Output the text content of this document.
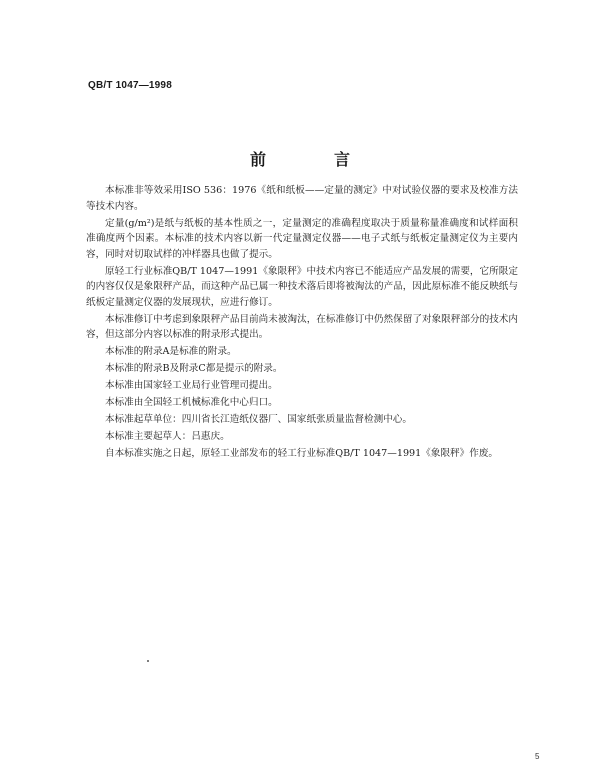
QB/T 1047—1998
前　言

本标准非等效采用ISO 536：1976《纸和纸板——定量的测定》中对试验仪器的要求及校准方法等技术内容。

定量(g/m²)是纸与纸板的基本性质之一，定量测定的准确程度取决于质量称量准确度和试样面积准确度两个因素。本标准的技术内容以新一代定量测定仪器——电子式纸与纸板定量测定仪为主要内容，同时对切取试样的冲样器具也做了提示。

原轻工行业标准QB/T 1047—1991《象限秤》中技术内容已不能适应产品发展的需要，它所限定的内容仅仅是象限秤产品，而这种产品已属一种技术落后即将被淘汰的产品，因此原标准不能反映纸与纸板定量测定仪器的发展现状，应进行修订。

本标准修订中考虑到象限秤产品目前尚未被淘汰，在标准修订中仍然保留了对象限秤部分的技术内容，但这部分内容以标准的附录形式提出。

本标准的附录A是标准的附录。

本标准的附录B及附录C都是提示的附录。

本标准由国家轻工业局行业管理司提出。

本标准由全国轻工机械标准化中心归口。

本标准起草单位：四川省长江造纸仪器厂、国家纸张质量监督检测中心。

本标准主要起草人：吕惠庆。

自本标准实施之日起，原轻工业部发布的轻工行业标准QB/T 1047—1991《象限秤》作废。

5
